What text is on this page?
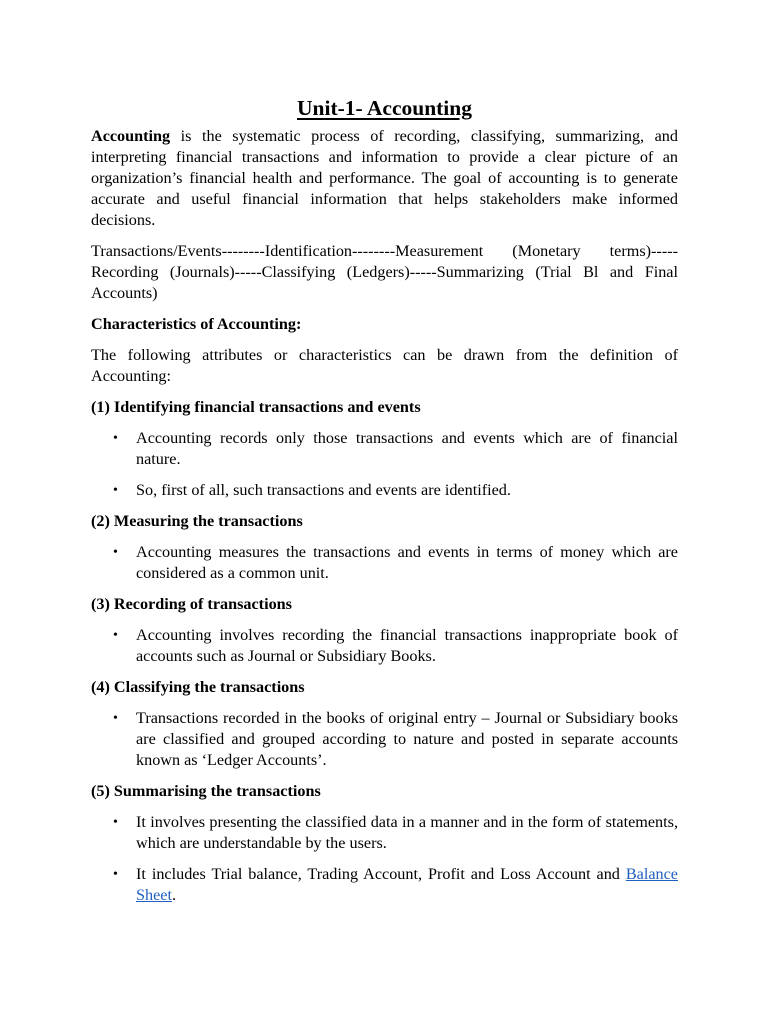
Unit-1- Accounting

Accounting is the systematic process of recording, classifying, summarizing, and interpreting financial transactions and information to provide a clear picture of an organization’s financial health and performance. The goal of accounting is to generate accurate and useful financial information that helps stakeholders make informed decisions.

Transactions/Events--------Identification--------Measurement (Monetary terms)-----Recording (Journals)-----Classifying (Ledgers)-----Summarizing (Trial Bl and Final Accounts)

Characteristics of Accounting:

The following attributes or characteristics can be drawn from the definition of Accounting:

(1) Identifying financial transactions and events
• Accounting records only those transactions and events which are of financial nature.
• So, first of all, such transactions and events are identified.
(2) Measuring the transactions
• Accounting measures the transactions and events in terms of money which are considered as a common unit.
(3) Recording of transactions
• Accounting involves recording the financial transactions inappropriate book of accounts such as Journal or Subsidiary Books.
(4) Classifying the transactions
• Transactions recorded in the books of original entry – Journal or Subsidiary books are classified and grouped according to nature and posted in separate accounts known as ‘Ledger Accounts’.
(5) Summarising the transactions
• It involves presenting the classified data in a manner and in the form of statements, which are understandable by the users.
• It includes Trial balance, Trading Account, Profit and Loss Account and Balance Sheet.
